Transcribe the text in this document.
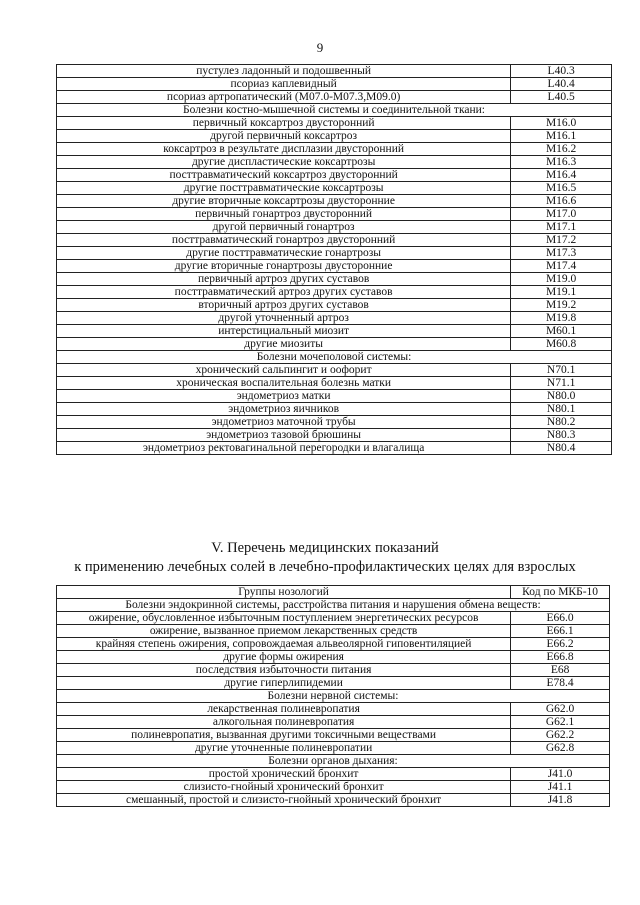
9
пустулез ладонный и подошвенный	L40.3
псориаз каплевидный	L40.4
псориаз артропатический (M07.0-M07.3,M09.0)	L40.5
Болезни костно-мышечной системы и соединительной ткани:	
первичный коксартроз двусторонний	M16.0
другой первичный коксартроз	M16.1
коксартроз в результате дисплазии двусторонний	M16.2
другие диспластические коксартрозы	M16.3
посттравматический коксартроз двусторонний	M16.4
другие посттравматические коксартрозы	M16.5
другие вторичные коксартрозы двусторонние	M16.6
первичный гонартроз двусторонний	M17.0
другой первичный гонартроз	M17.1
посттравматический гонартроз двусторонний	M17.2
другие посттравматические гонартрозы	M17.3
другие вторичные гонартрозы двусторонние	M17.4
первичный артроз других суставов	M19.0
посттравматический артроз других суставов	M19.1
вторичный артроз других суставов	M19.2
другой уточненный артроз	M19.8
интерстициальный миозит	M60.1
другие миозиты	M60.8
Болезни мочеполовой системы:	
хронический сальпингит и оофорит	N70.1
хроническая воспалительная болезнь матки	N71.1
эндометриоз матки	N80.0
эндометриоз яичников	N80.1
эндометриоз маточной трубы	N80.2
эндометриоз тазовой брюшины	N80.3
эндометриоз ректовагинальной перегородки и влагалища	N80.4
V. Перечень медицинских показаний
к применению лечебных солей в лечебно-профилактических целях для взрослых
Группы нозологий	Код по МКБ-10
Болезни эндокринной системы, расстройства питания и нарушения обмена веществ:	
ожирение, обусловленное избыточным поступлением энергетических ресурсов	E66.0
ожирение, вызванное приемом лекарственных средств	E66.1
крайняя степень ожирения, сопровождаемая альвеолярной гиповентиляцией	E66.2
другие формы ожирения	E66.8
последствия избыточности питания	E68
другие гиперлипидемии	E78.4
Болезни нервной системы:	
лекарственная полиневропатия	G62.0
алкогольная полиневропатия	G62.1
полиневропатия, вызванная другими токсичными веществами	G62.2
другие уточненные полиневропатии	G62.8
Болезни органов дыхания:	
простой хронический бронхит	J41.0
слизисто-гнойный хронический бронхит	J41.1
смешанный, простой и слизисто-гнойный хронический бронхит	J41.8
